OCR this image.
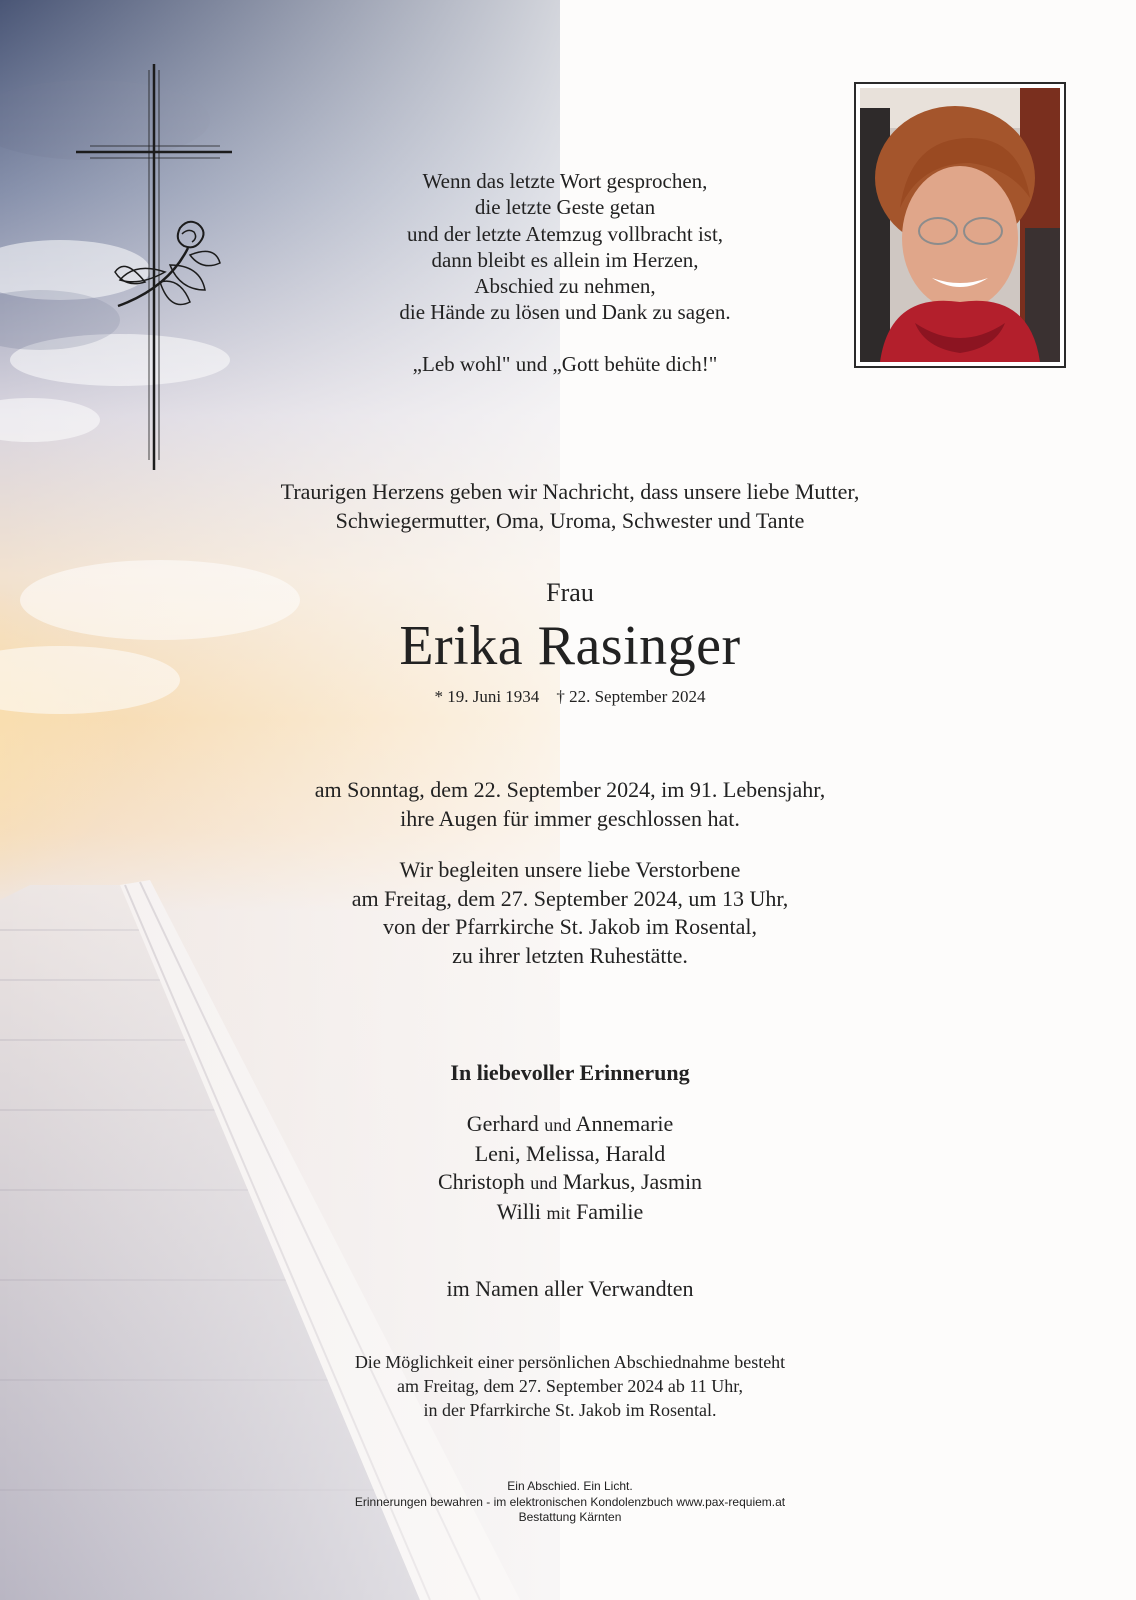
Wenn das letzte Wort gesprochen,
die letzte Geste getan
und der letzte Atemzug vollbracht ist,
dann bleibt es allein im Herzen,
Abschied zu nehmen,
die Hände zu lösen und Dank zu sagen.
„Leb wohl" und „Gott behüte dich!"
Traurigen Herzens geben wir Nachricht, dass unsere liebe Mutter,
Schwiegermutter, Oma, Uroma, Schwester und Tante
Frau
Erika Rasinger
* 19. Juni 1934 † 22. September 2024
am Sonntag, dem 22. September 2024, im 91. Lebensjahr,
ihre Augen für immer geschlossen hat.
Wir begleiten unsere liebe Verstorbene
am Freitag, dem 27. September 2024, um 13 Uhr,
von der Pfarrkirche St. Jakob im Rosental,
zu ihrer letzten Ruhestätte.
In liebevoller Erinnerung
Gerhard und Annemarie
Leni, Melissa, Harald
Christoph und Markus, Jasmin
Willi mit Familie
im Namen aller Verwandten
Die Möglichkeit einer persönlichen Abschiednahme besteht
am Freitag, dem 27. September 2024 ab 11 Uhr,
in der Pfarrkirche St. Jakob im Rosental.
Ein Abschied. Ein Licht.
Erinnerungen bewahren - im elektronischen Kondolenzbuch www.pax-requiem.at
Bestattung Kärnten
